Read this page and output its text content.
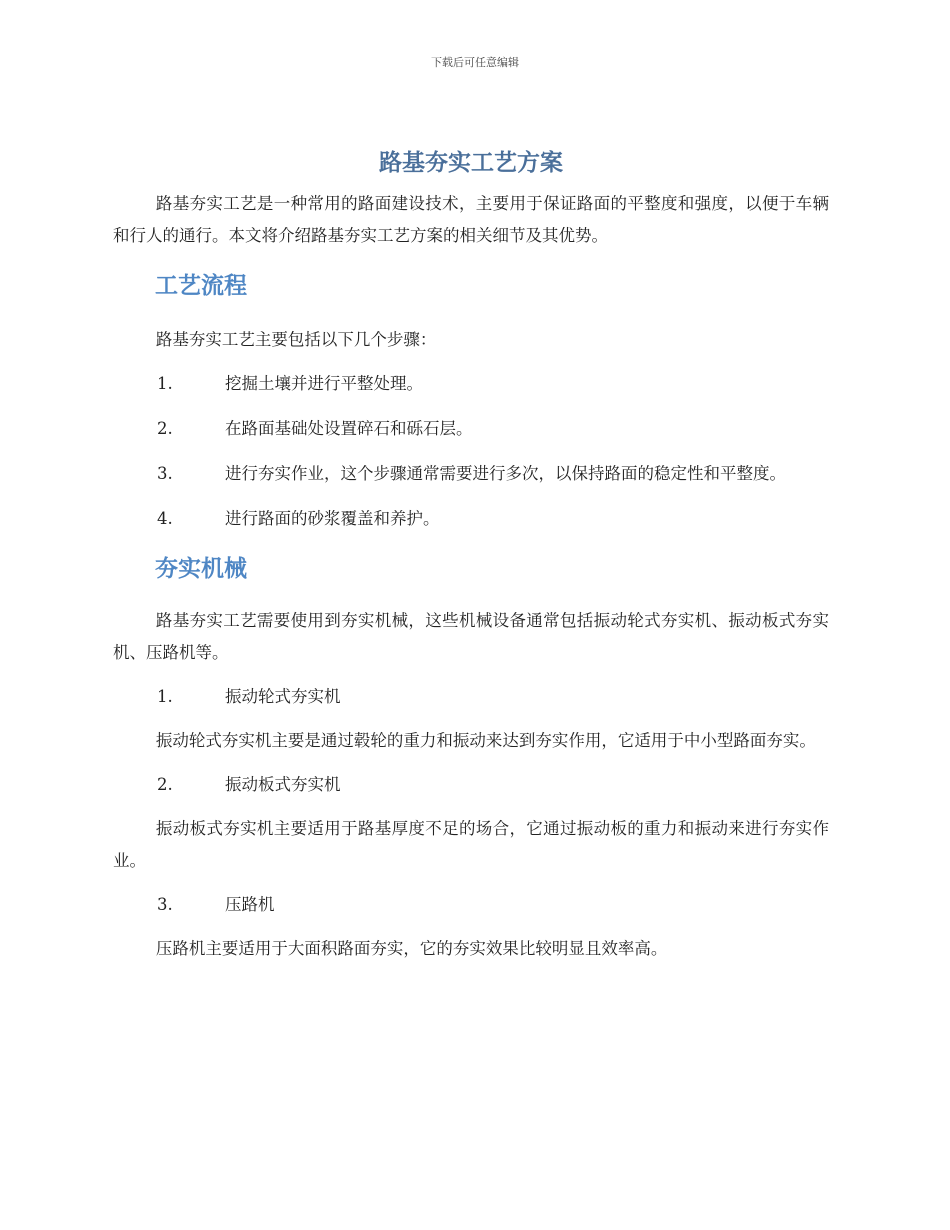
下载后可任意编辑
路基夯实工艺方案

路基夯实工艺是一种常用的路面建设技术，主要用于保证路面的平整度和强度，以便于车辆和行人的通行。本文将介绍路基夯实工艺方案的相关细节及其优势。

工艺流程

路基夯实工艺主要包括以下几个步骤：

1.	挖掘土壤并进行平整处理。
2.	在路面基础处设置碎石和砾石层。
3.	进行夯实作业，这个步骤通常需要进行多次，以保持路面的稳定性和平整度。
4.	进行路面的砂浆覆盖和养护。
夯实机械

路基夯实工艺需要使用到夯实机械，这些机械设备通常包括振动轮式夯实机、振动板式夯实机、压路机等。

1.	振动轮式夯实机

振动轮式夯实机主要是通过毂轮的重力和振动来达到夯实作用，它适用于中小型路面夯实。

2.	振动板式夯实机

振动板式夯实机主要适用于路基厚度不足的场合，它通过振动板的重力和振动来进行夯实作业。

3.	压路机

压路机主要适用于大面积路面夯实，它的夯实效果比较明显且效率高。
